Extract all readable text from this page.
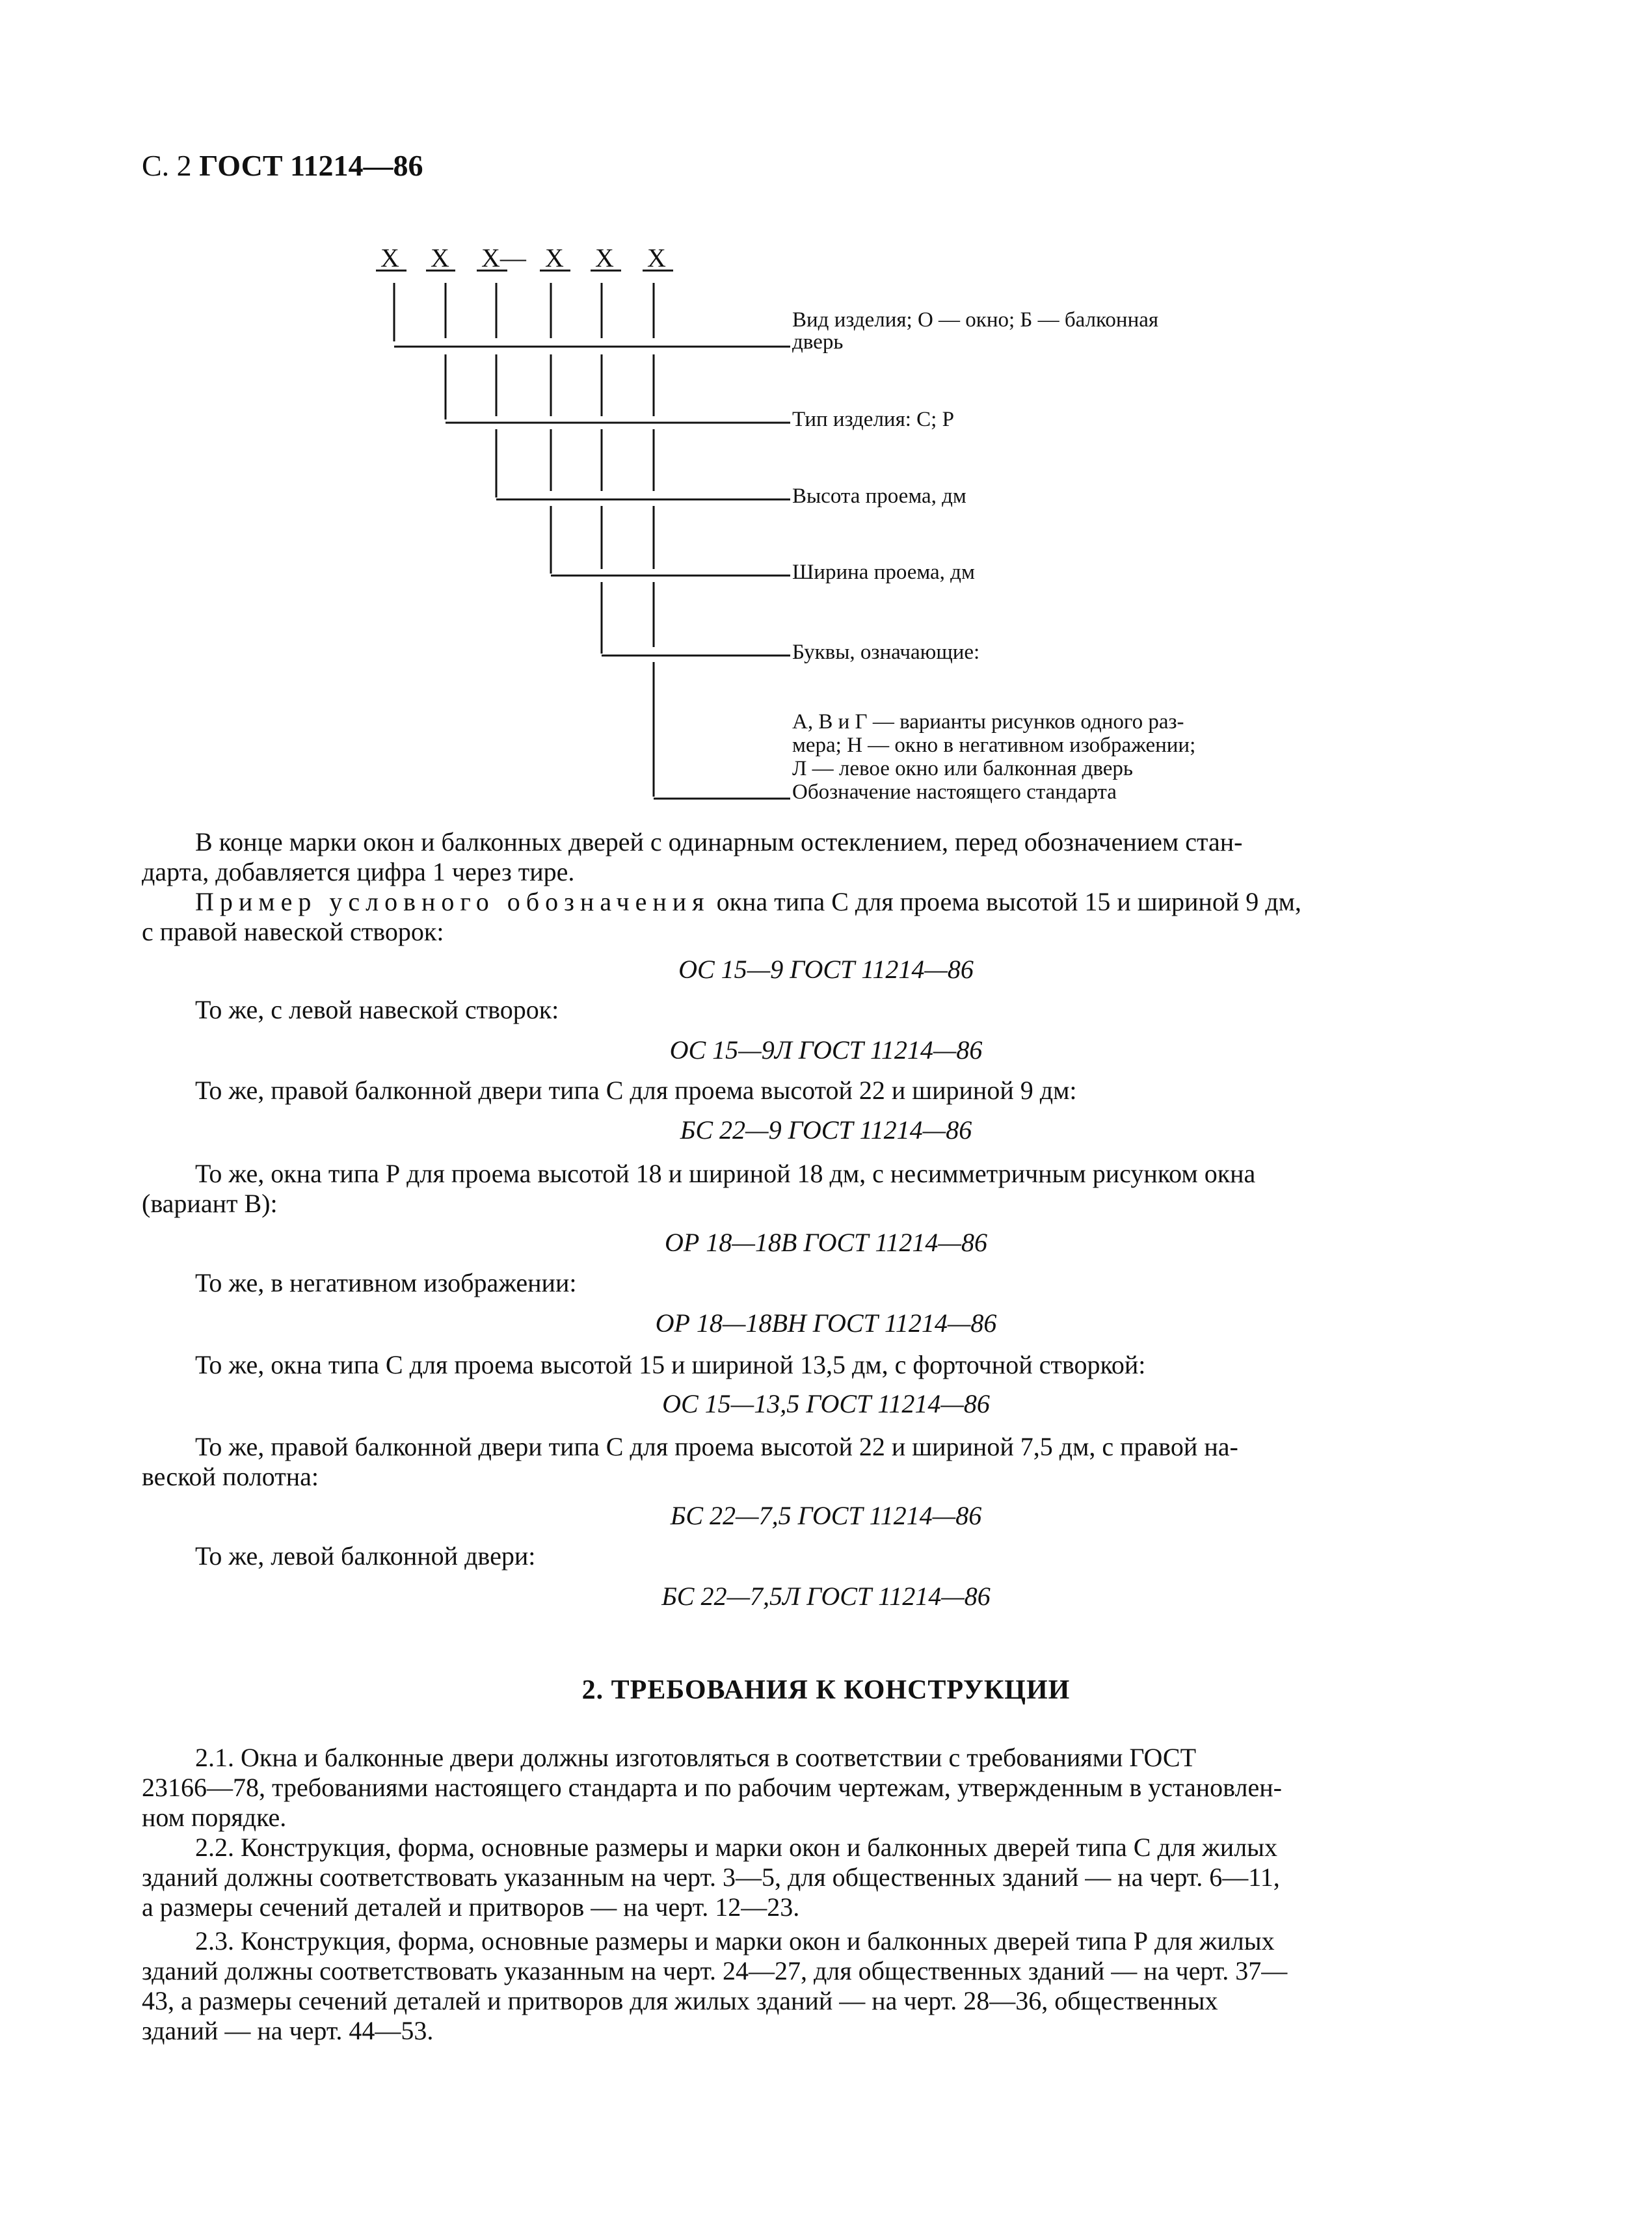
С. 2 ГОСТ 11214—86
Х Х Х— Х Х Х
Вид изделия; О — окно; Б — балконная
дверь
Тип изделия: С; Р
Высота проема, дм
Ширина проема, дм
Буквы, означающие:
А, В и Г — варианты рисунков одного раз-
мера; Н — окно в негативном изображении;
Л — левое окно или балконная дверь
Обозначение настоящего стандарта
В конце марки окон и балконных дверей с одинарным остеклением, перед обозначением стан-
дарта, добавляется цифра 1 через тире.
Пример условного обозначения окна типа С для проема высотой 15 и шириной 9 дм,
с правой навеской створок:
ОС 15—9 ГОСТ 11214—86
То же, с левой навеской створок:
ОС 15—9Л ГОСТ 11214—86
То же, правой балконной двери типа С для проема высотой 22 и шириной 9 дм:
БС 22—9 ГОСТ 11214—86
То же, окна типа Р для проема высотой 18 и шириной 18 дм, с несимметричным рисунком окна
(вариант В):
ОР 18—18В ГОСТ 11214—86
То же, в негативном изображении:
ОР 18—18ВН ГОСТ 11214—86
То же, окна типа С для проема высотой 15 и шириной 13,5 дм, с форточной створкой:
ОС 15—13,5 ГОСТ 11214—86
То же, правой балконной двери типа С для проема высотой 22 и шириной 7,5 дм, с правой на-
веской полотна:
БС 22—7,5 ГОСТ 11214—86
То же, левой балконной двери:
БС 22—7,5Л ГОСТ 11214—86
2. ТРЕБОВАНИЯ К КОНСТРУКЦИИ
2.1. Окна и балконные двери должны изготовляться в соответствии с требованиями ГОСТ
23166—78, требованиями настоящего стандарта и по рабочим чертежам, утвержденным в установлен-
ном порядке.
2.2. Конструкция, форма, основные размеры и марки окон и балконных дверей типа С для жилых
зданий должны соответствовать указанным на черт. 3—5, для общественных зданий — на черт. 6—11,
а размеры сечений деталей и притворов — на черт. 12—23.
2.3. Конструкция, форма, основные размеры и марки окон и балконных дверей типа Р для жилых
зданий должны соответствовать указанным на черт. 24—27, для общественных зданий — на черт. 37—
43, а размеры сечений деталей и притворов для жилых зданий — на черт. 28—36, общественных
зданий — на черт. 44—53.
